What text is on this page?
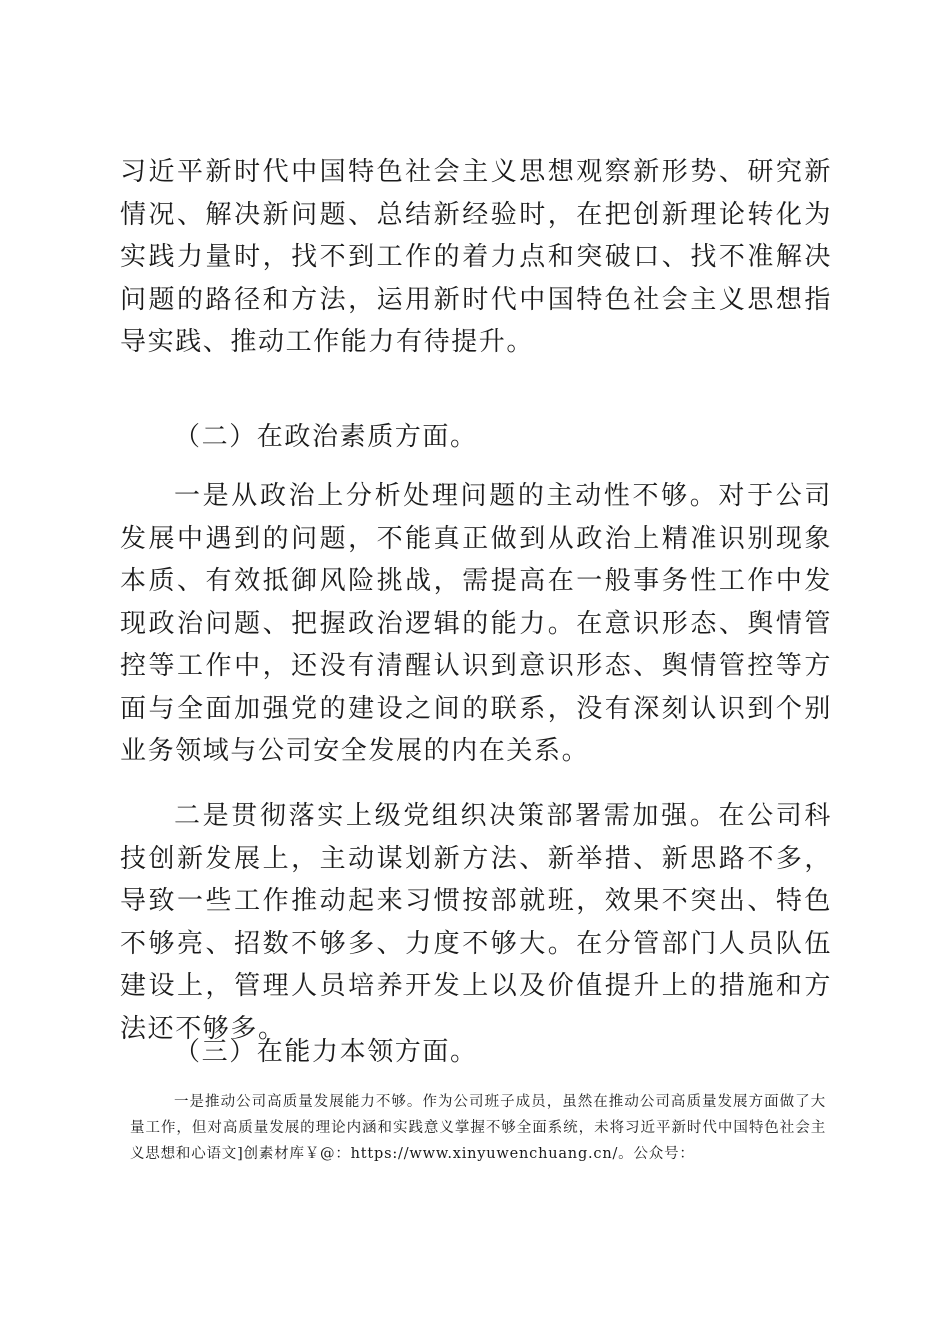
习近平新时代中国特色社会主义思想观察新形势、研究新情况、解决新问题、总结新经验时，在把创新理论转化为实践力量时，找不到工作的着力点和突破口、找不准解决问题的路径和方法，运用新时代中国特色社会主义思想指导实践、推动工作能力有待提升。

（二）在政治素质方面。

一是从政治上分析处理问题的主动性不够。对于公司发展中遇到的问题，不能真正做到从政治上精准识别现象本质、有效抵御风险挑战，需提高在一般事务性工作中发现政治问题、把握政治逻辑的能力。在意识形态、舆情管控等工作中，还没有清醒认识到意识形态、舆情管控等方面与全面加强党的建设之间的联系，没有深刻认识到个别业务领域与公司安全发展的内在关系。

二是贯彻落实上级党组织决策部署需加强。在公司科技创新发展上，主动谋划新方法、新举措、新思路不多，导致一些工作推动起来习惯按部就班，效果不突出、特色不够亮、招数不够多、力度不够大。在分管部门人员队伍建设上，管理人员培养开发上以及价值提升上的措施和方法还不够多。

（三）在能力本领方面。

一是推动公司高质量发展能力不够。作为公司班子成员，虽然在推动公司高质量发展方面做了大量工作，但对高质量发展的理论内涵和实践意义掌握不够全面系统，未将习近平新时代中国特色社会主义思想和心语文]创素材库￥@：https://www.xinyuwenchuang.cn/。公众号：
